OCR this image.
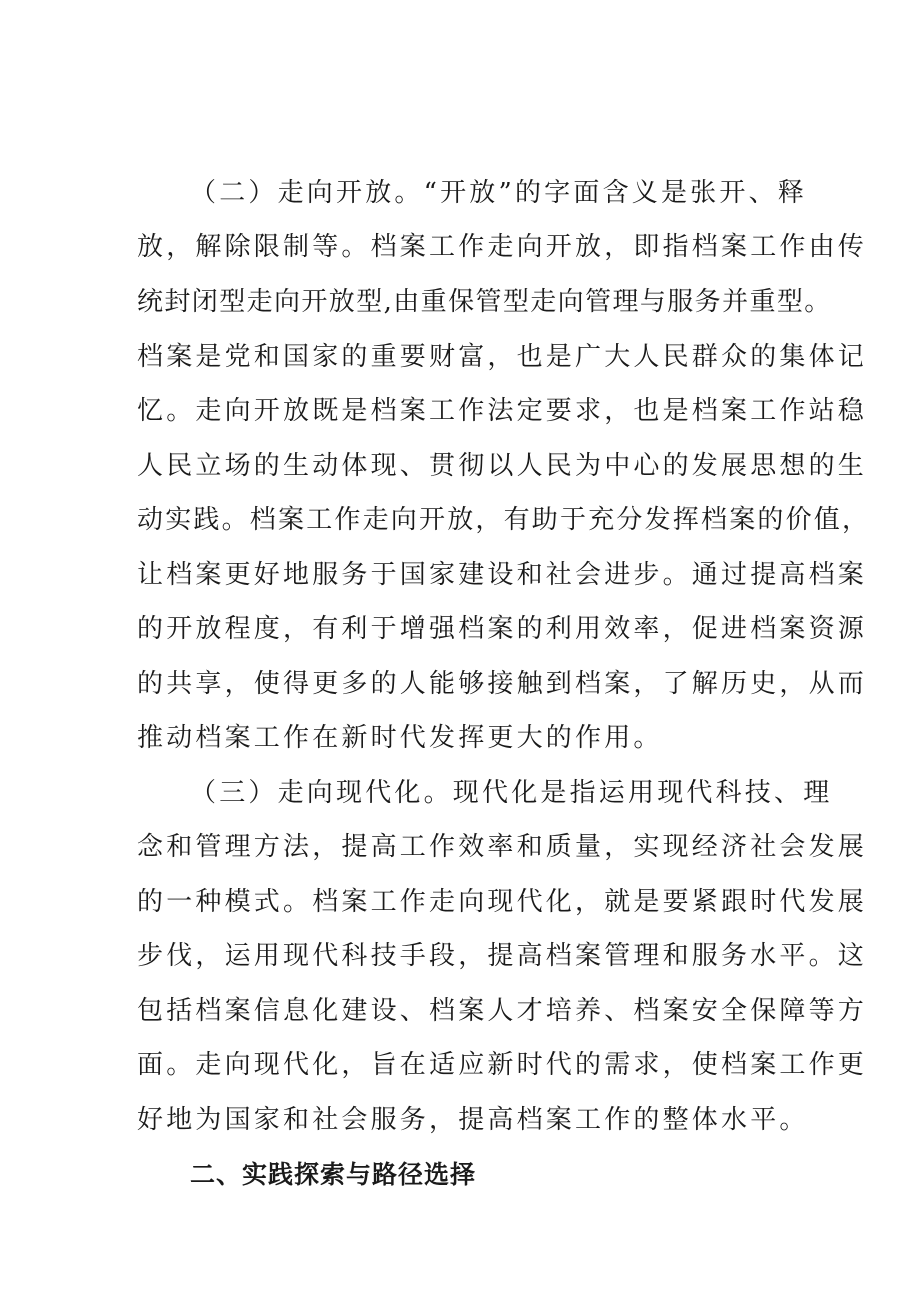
（二）走向开放。“开放”的字面含义是张开、释
放，解除限制等。档案工作走向开放，即指档案工作由传
统封闭型走向开放型,由重保管型走向管理与服务并重型。
档案是党和国家的重要财富，也是广大人民群众的集体记
忆。走向开放既是档案工作法定要求，也是档案工作站稳
人民立场的生动体现、贯彻以人民为中心的发展思想的生
动实践。档案工作走向开放，有助于充分发挥档案的价值，
让档案更好地服务于国家建设和社会进步。通过提高档案
的开放程度，有利于增强档案的利用效率，促进档案资源
的共享，使得更多的人能够接触到档案，了解历史，从而
推动档案工作在新时代发挥更大的作用。
（三）走向现代化。现代化是指运用现代科技、理
念和管理方法，提高工作效率和质量，实现经济社会发展
的一种模式。档案工作走向现代化，就是要紧跟时代发展
步伐，运用现代科技手段，提高档案管理和服务水平。这
包括档案信息化建设、档案人才培养、档案安全保障等方
面。走向现代化，旨在适应新时代的需求，使档案工作更
好地为国家和社会服务，提高档案工作的整体水平。
二、实践探索与路径选择
